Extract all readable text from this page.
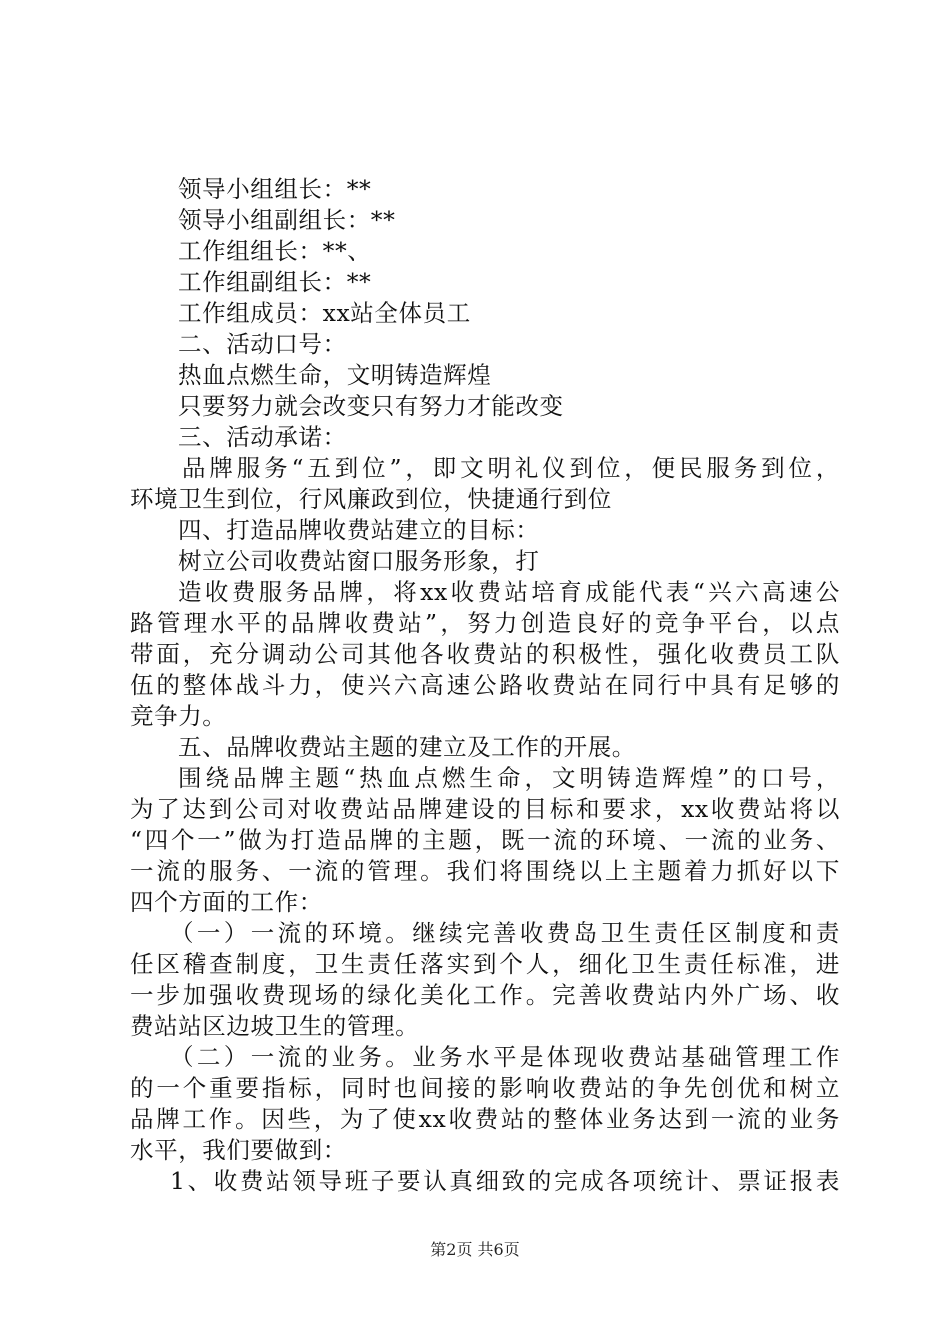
领导小组组长：**
领导小组副组长：**
工作组组长：**、
工作组副组长：**
工作组成员：xx站全体员工
二、活动口号：
热血点燃生命，文明铸造辉煌
只要努力就会改变只有努力才能改变
三、活动承诺：
品牌服务“五到位”，即文明礼仪到位，便民服务到位，
环境卫生到位，行风廉政到位，快捷通行到位
四、打造品牌收费站建立的目标：
树立公司收费站窗口服务形象，打
造收费服务品牌，将xx收费站培育成能代表“兴六高速公
路管理水平的品牌收费站”，努力创造良好的竞争平台，以点
带面，充分调动公司其他各收费站的积极性，强化收费员工队
伍的整体战斗力，使兴六高速公路收费站在同行中具有足够的
竞争力。
五、品牌收费站主题的建立及工作的开展。
围绕品牌主题“热血点燃生命，文明铸造辉煌”的口号，
为了达到公司对收费站品牌建设的目标和要求，xx收费站将以
“四个一”做为打造品牌的主题，既一流的环境、一流的业务、
一流的服务、一流的管理。我们将围绕以上主题着力抓好以下
四个方面的工作：
（一）一流的环境。继续完善收费岛卫生责任区制度和责
任区稽查制度，卫生责任落实到个人，细化卫生责任标准，进
一步加强收费现场的绿化美化工作。完善收费站内外广场、收
费站站区边坡卫生的管理。
（二）一流的业务。业务水平是体现收费站基础管理工作
的一个重要指标，同时也间接的影响收费站的争先创优和树立
品牌工作。因些，为了使xx收费站的整体业务达到一流的业务
水平，我们要做到：
1、收费站领导班子要认真细致的完成各项统计、票证报表
第2页 共6页
